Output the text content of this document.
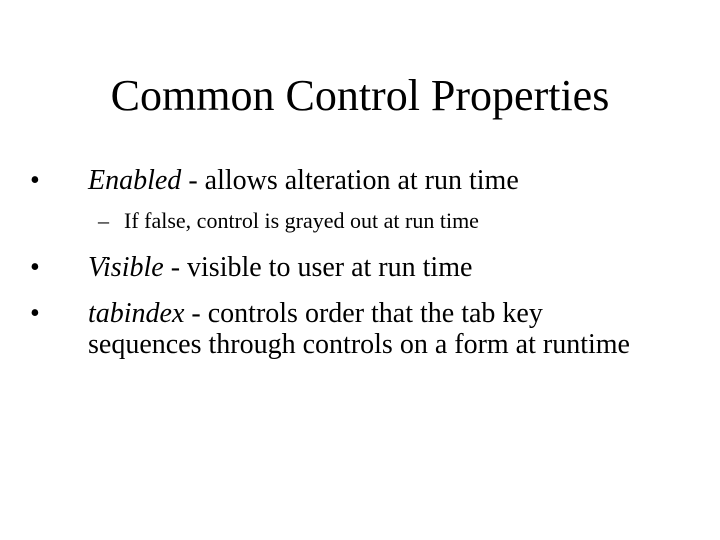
Common Control Properties
•	Enabled - allows alteration at run time
– If false, control is grayed out at run time
•	Visible - visible to user at run time
•	tabindex - controls order that the tab key sequences through controls on a form at runtime
